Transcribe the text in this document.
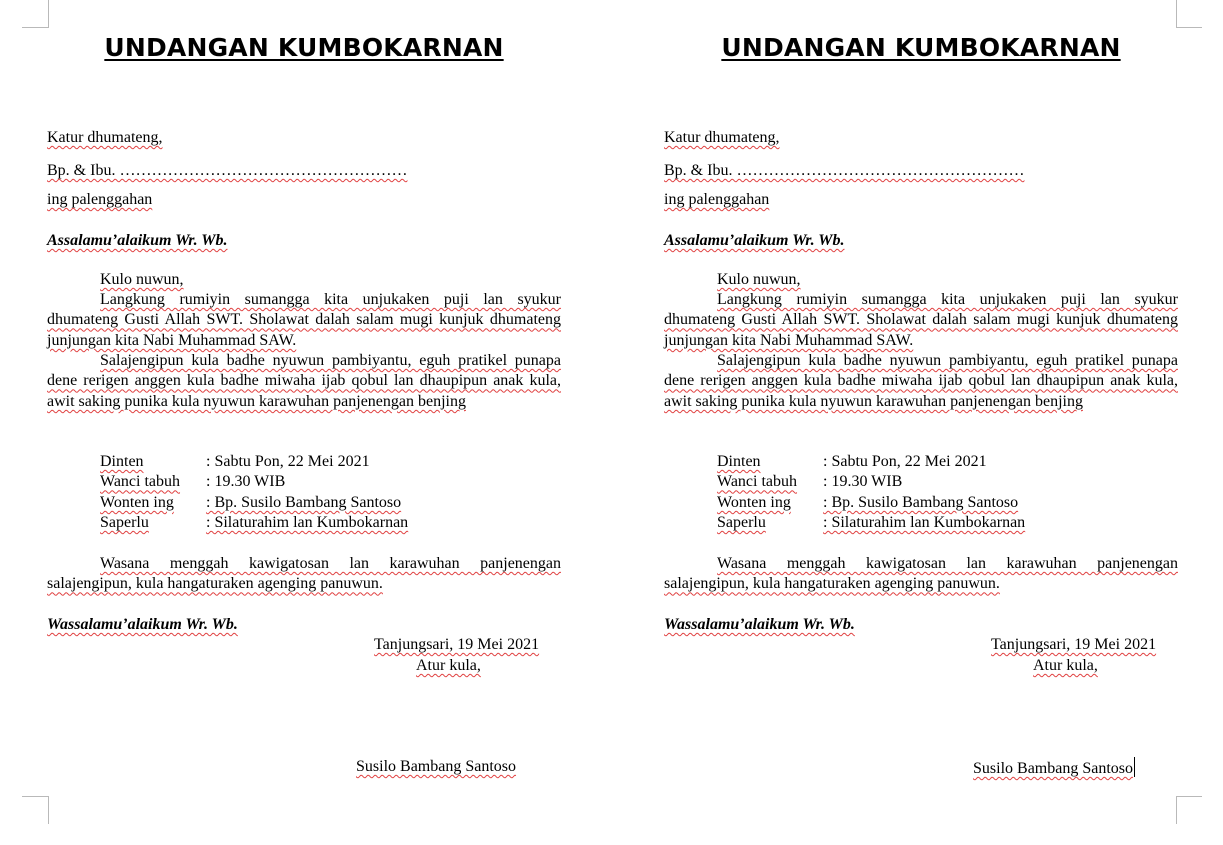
UNDANGAN KUMBOKARNAN
Katur dhumateng,
Bp. & Ibu. ………………………………………………
ing palenggahan
Assalamu’alaikum Wr. Wb.
Kulo nuwun,
Langkung rumiyin sumangga kita unjukaken puji lan syukur dhumateng Gusti Allah SWT. Sholawat dalah salam mugi kunjuk dhumateng junjungan kita Nabi Muhammad SAW.
Salajengipun kula badhe nyuwun pambiyantu, eguh pratikel punapa dene rerigen anggen kula badhe miwaha ijab qobul lan dhaupipun anak kula, awit saking punika kula nyuwun karawuhan panjenengan benjing
Dinten	: Sabtu Pon, 22 Mei 2021
Wanci tabuh : 19.30 WIB
Wonten ing : Bp. Susilo Bambang Santoso
Saperlu	: Silaturahim lan Kumbokarnan
Wasana menggah kawigatosan lan karawuhan panjenengan salajengipun, kula hangaturaken agenging panuwun.
Wassalamu’alaikum Wr. Wb.
Tanjungsari, 19 Mei 2021
Atur kula,
Susilo Bambang Santoso
UNDANGAN KUMBOKARNAN
Katur dhumateng,
Bp. & Ibu. ………………………………………………
ing palenggahan
Assalamu’alaikum Wr. Wb.
Kulo nuwun,
Langkung rumiyin sumangga kita unjukaken puji lan syukur dhumateng Gusti Allah SWT. Sholawat dalah salam mugi kunjuk dhumateng junjungan kita Nabi Muhammad SAW.
Salajengipun kula badhe nyuwun pambiyantu, eguh pratikel punapa dene rerigen anggen kula badhe miwaha ijab qobul lan dhaupipun anak kula, awit saking punika kula nyuwun karawuhan panjenengan benjing
Dinten	: Sabtu Pon, 22 Mei 2021
Wanci tabuh : 19.30 WIB
Wonten ing : Bp. Susilo Bambang Santoso
Saperlu	: Silaturahim lan Kumbokarnan
Wasana menggah kawigatosan lan karawuhan panjenengan salajengipun, kula hangaturaken agenging panuwun.
Wassalamu’alaikum Wr. Wb.
Tanjungsari, 19 Mei 2021
Atur kula,
Susilo Bambang Santoso
